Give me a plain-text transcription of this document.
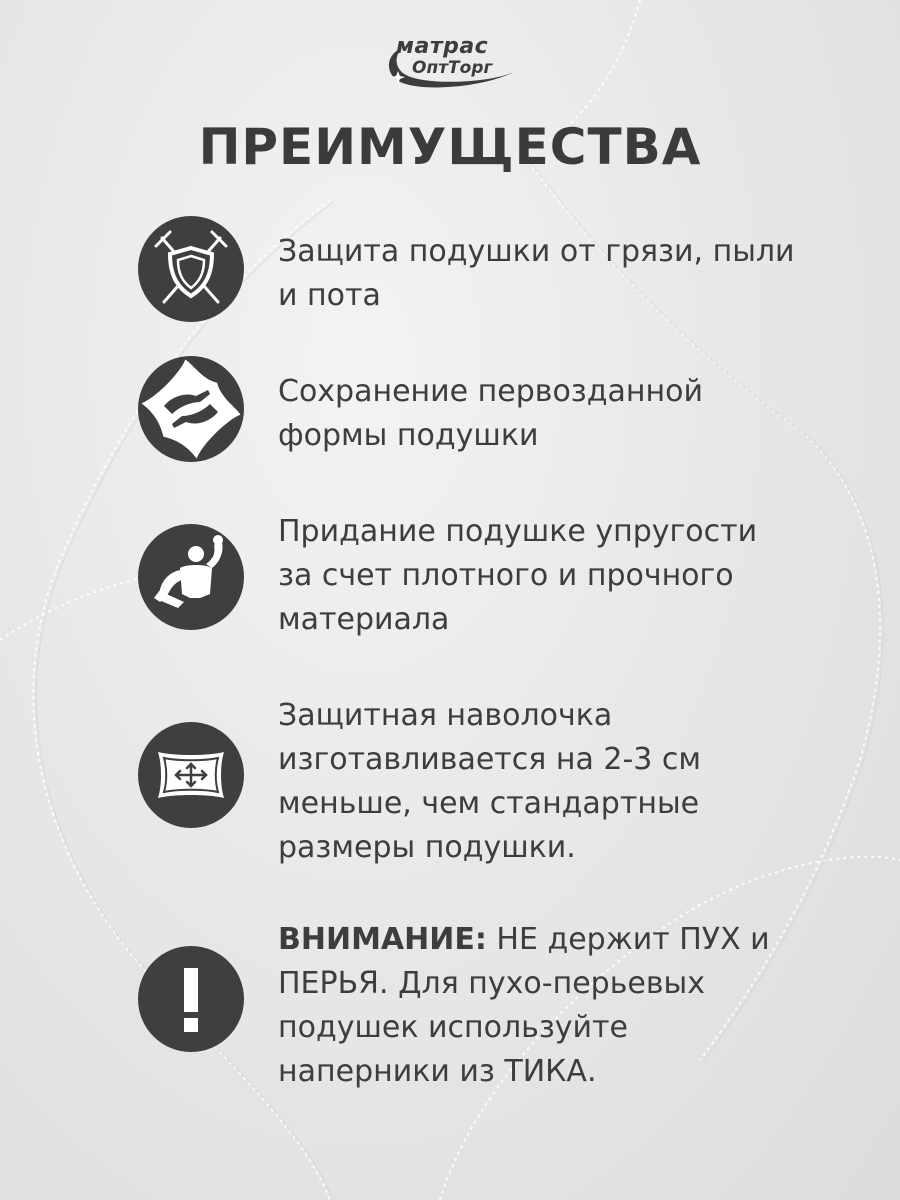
матрас
ОптТорг
ПРЕИМУЩЕСТВА
Защита подушки от грязи, пыли и пота
Сохранение первозданной формы подушки
Придание подушке упругости за счет плотного и прочного материала
Защитная наволочка изготавливается на 2-3 см меньше, чем стандартные размеры подушки.
ВНИМАНИЕ: НЕ держит ПУХ и ПЕРЬЯ. Для пухо-перьевых подушек используйте наперники из ТИКА.
